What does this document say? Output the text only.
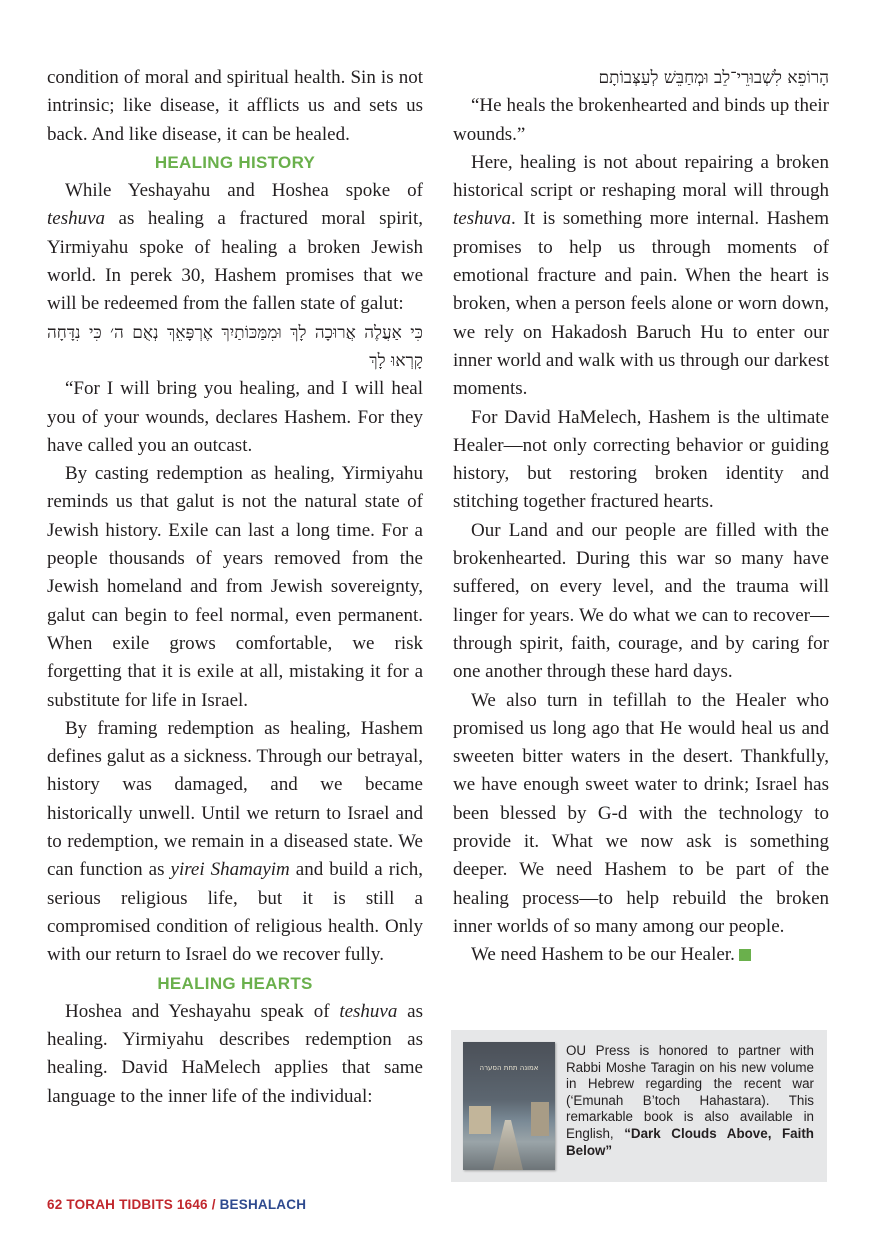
condition of moral and spiritual health. Sin is not intrinsic; like disease, it afflicts us and sets us back. And like disease, it can be healed.

HEALING HISTORY

While Yeshayahu and Hoshea spoke of teshuva as healing a fractured moral spirit, Yirmiyahu spoke of healing a broken Jewish world. In perek 30, Hashem promises that we will be redeemed from the fallen state of galut:

כִּי אַעֲלֶה אֲרוּכָה לָךְ וּמִמַּכּוֹתַיִךְ אֶרְפָּאֵךְ נְאֻם ה׳ כִּי נִדָּחָה קָרְאוּ לָךְ

“For I will bring you healing, and I will heal you of your wounds, declares Hashem. For they have called you an outcast.

By casting redemption as healing, Yirmiyahu reminds us that galut is not the natural state of Jewish history. Exile can last a long time. For a people thousands of years removed from the Jewish homeland and from Jewish sovereignty, galut can begin to feel normal, even permanent. When exile grows comfortable, we risk forgetting that it is exile at all, mistaking it for a substitute for life in Israel.

By framing redemption as healing, Hashem defines galut as a sickness. Through our betrayal, history was damaged, and we became historically unwell. Until we return to Israel and to redemption, we remain in a diseased state. We can function as yirei Shamayim and build a rich, serious religious life, but it is still a compromised condition of religious health. Only with our return to Israel do we recover fully.

HEALING HEARTS

Hoshea and Yeshayahu speak of teshuva as healing. Yirmiyahu describes redemption as healing. David HaMelech applies that same language to the inner life of the individual:

הָרוֹפֵא לִשְׁבוּרֵי־לֵב וּמְחַבֵּשׁ לְעַצְּבוֹתָם

“He heals the brokenhearted and binds up their wounds.”

Here, healing is not about repairing a broken historical script or reshaping moral will through teshuva. It is something more internal. Hashem promises to help us through moments of emotional fracture and pain. When the heart is broken, when a person feels alone or worn down, we rely on Hakadosh Baruch Hu to enter our inner world and walk with us through our darkest moments.

For David HaMelech, Hashem is the ultimate Healer—not only correcting behavior or guiding history, but restoring broken identity and stitching together fractured hearts.

Our Land and our people are filled with the brokenhearted. During this war so many have suffered, on every level, and the trauma will linger for years. We do what we can to recover—through spirit, faith, courage, and by caring for one another through these hard days.

We also turn in tefillah to the Healer who promised us long ago that He would heal us and sweeten bitter waters in the desert. Thankfully, we have enough sweet water to drink; Israel has been blessed by G-d with the technology to provide it. What we now ask is something deeper. We need Hashem to be part of the healing process—to help rebuild the broken inner worlds of so many among our people.

We need Hashem to be our Healer.

אמונה תחת הסערה
OU Press is honored to partner with Rabbi Moshe Taragin on his new volume in Hebrew regarding the recent war (‘Emunah B’toch Hahastara). This remarkable book is also available in English, “Dark Clouds Above, Faith Below”
62 TORAH TIDBITS 1646 / BESHALACH
